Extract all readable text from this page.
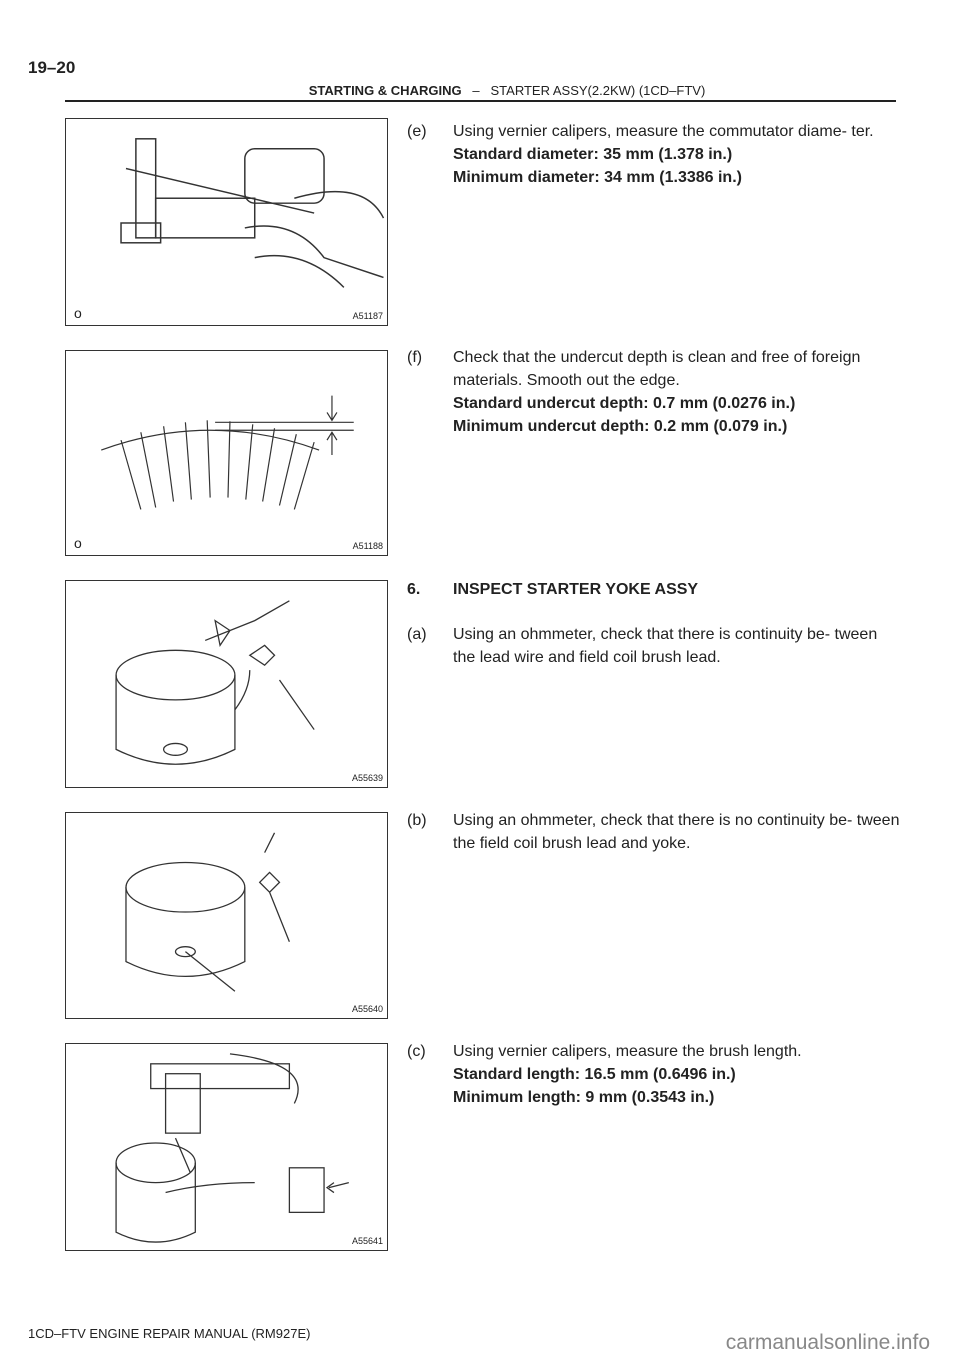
19–20
STARTING & CHARGING – STARTER ASSY(2.2KW) (1CD–FTV)
o	A51187
o	A51188
A55639
A55640
A55641
(e) Using vernier calipers, measure the commutator diame- ter.
Standard diameter: 35 mm (1.378 in.)
Minimum diameter: 34 mm (1.3386 in.)
(f) Check that the undercut depth is clean and free of foreign materials. Smooth out the edge.
Standard undercut depth: 0.7 mm (0.0276 in.)
Minimum undercut depth: 0.2 mm (0.079 in.)
6. INSPECT STARTER YOKE ASSY
(a) Using an ohmmeter, check that there is continuity be- tween the lead wire and field coil brush lead.
(b) Using an ohmmeter, check that there is no continuity be- tween the field coil brush lead and yoke.
(c) Using vernier calipers, measure the brush length.
Standard length: 16.5 mm (0.6496 in.)
Minimum length: 9 mm (0.3543 in.)
1CD–FTV ENGINE REPAIR MANUAL (RM927E)	carmanualsonline.info
